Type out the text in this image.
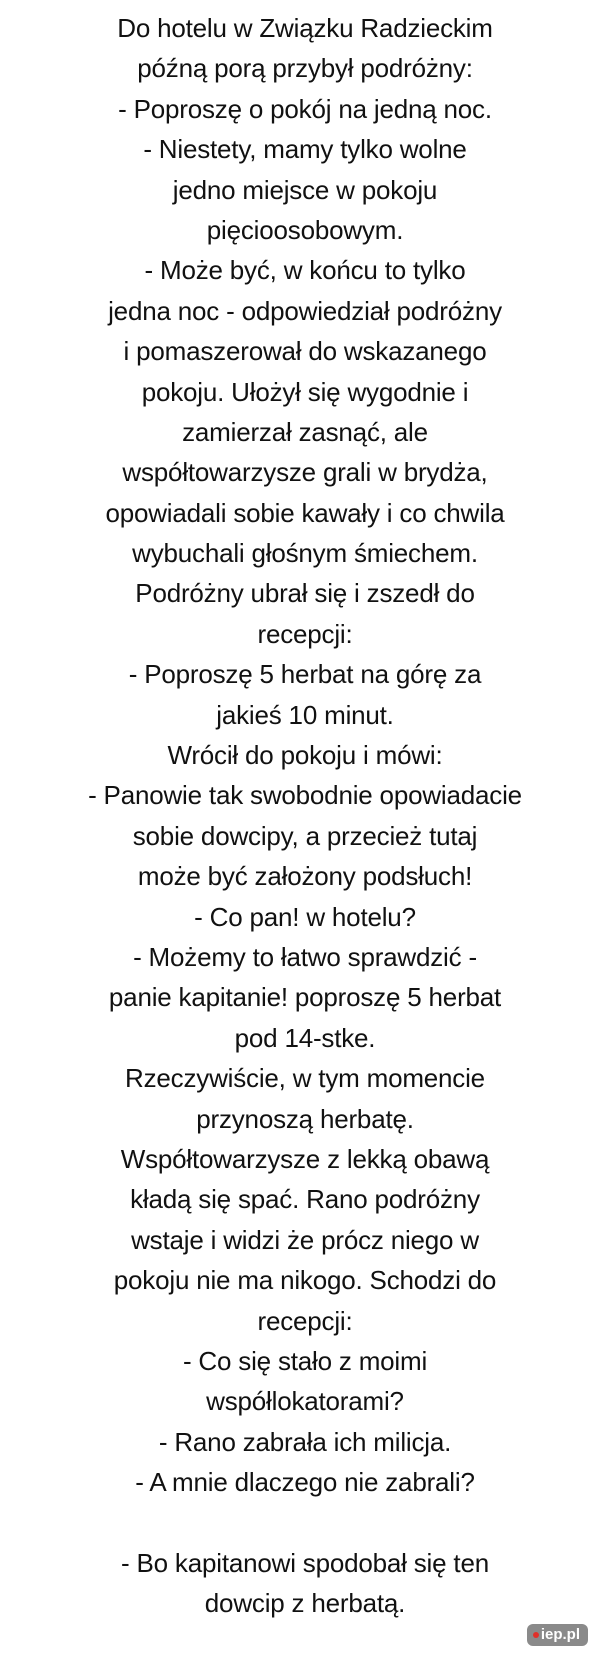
Do hotelu w Związku Radzieckim
późną porą przybył podróżny:
- Poproszę o pokój na jedną noc.
- Niestety, mamy tylko wolne
jedno miejsce w pokoju
pięcioosobowym.
- Może być, w końcu to tylko
jedna noc - odpowiedział podróżny
i pomaszerował do wskazanego
pokoju. Ułożył się wygodnie i
zamierzał zasnąć, ale
współtowarzysze grali w brydża,
opowiadali sobie kawały i co chwila
wybuchali głośnym śmiechem.
Podróżny ubrał się i zszedł do
recepcji:
- Poproszę 5 herbat na górę za
jakieś 10 minut.
Wrócił do pokoju i mówi:
- Panowie tak swobodnie opowiadacie
sobie dowcipy, a przecież tutaj
może być założony podsłuch!
- Co pan! w hotelu?
- Możemy to łatwo sprawdzić -
panie kapitanie! poproszę 5 herbat
pod 14-stke.
Rzeczywiście, w tym momencie
przynoszą herbatę.
Współtowarzysze z lekką obawą
kładą się spać. Rano podróżny
wstaje i widzi że prócz niego w
pokoju nie ma nikogo. Schodzi do
recepcji:
- Co się stało z moimi
współlokatorami?
- Rano zabrała ich milicja.
- A mnie dlaczego nie zabrali?
- Bo kapitanowi spodobał się ten
dowcip z herbatą.
iep.pl
